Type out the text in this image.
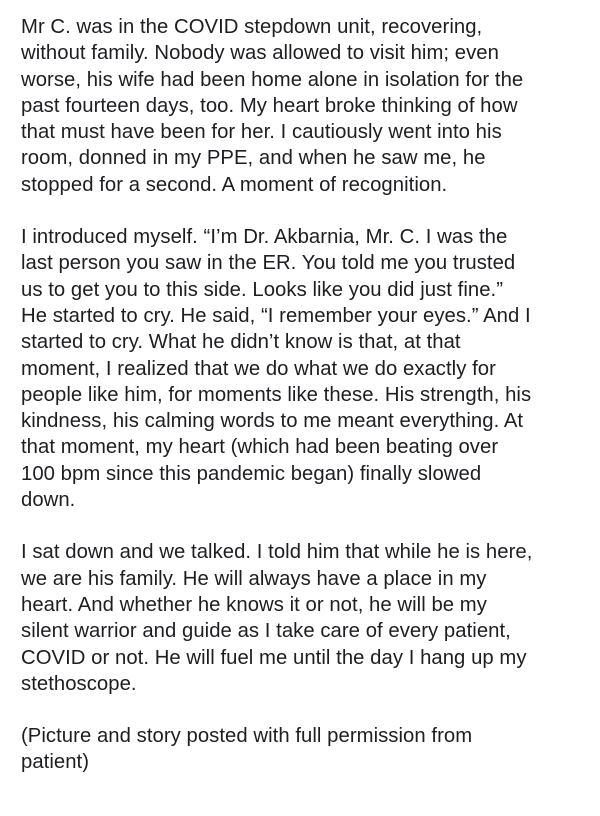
Mr C. was in the COVID stepdown unit, recovering,
without family. Nobody was allowed to visit him; even
worse, his wife had been home alone in isolation for the
past fourteen days, too. My heart broke thinking of how
that must have been for her. I cautiously went into his
room, donned in my PPE, and when he saw me, he
stopped for a second. A moment of recognition.

I introduced myself. “I’m Dr. Akbarnia, Mr. C. I was the
last person you saw in the ER. You told me you trusted
us to get you to this side. Looks like you did just fine.”
He started to cry. He said, “I remember your eyes.” And I
started to cry. What he didn’t know is that, at that
moment, I realized that we do what we do exactly for
people like him, for moments like these. His strength, his
kindness, his calming words to me meant everything. At
that moment, my heart (which had been beating over
100 bpm since this pandemic began) finally slowed
down.

I sat down and we talked. I told him that while he is here,
we are his family. He will always have a place in my
heart. And whether he knows it or not, he will be my
silent warrior and guide as I take care of every patient,
COVID or not. He will fuel me until the day I hang up my
stethoscope.

(Picture and story posted with full permission from
patient)
